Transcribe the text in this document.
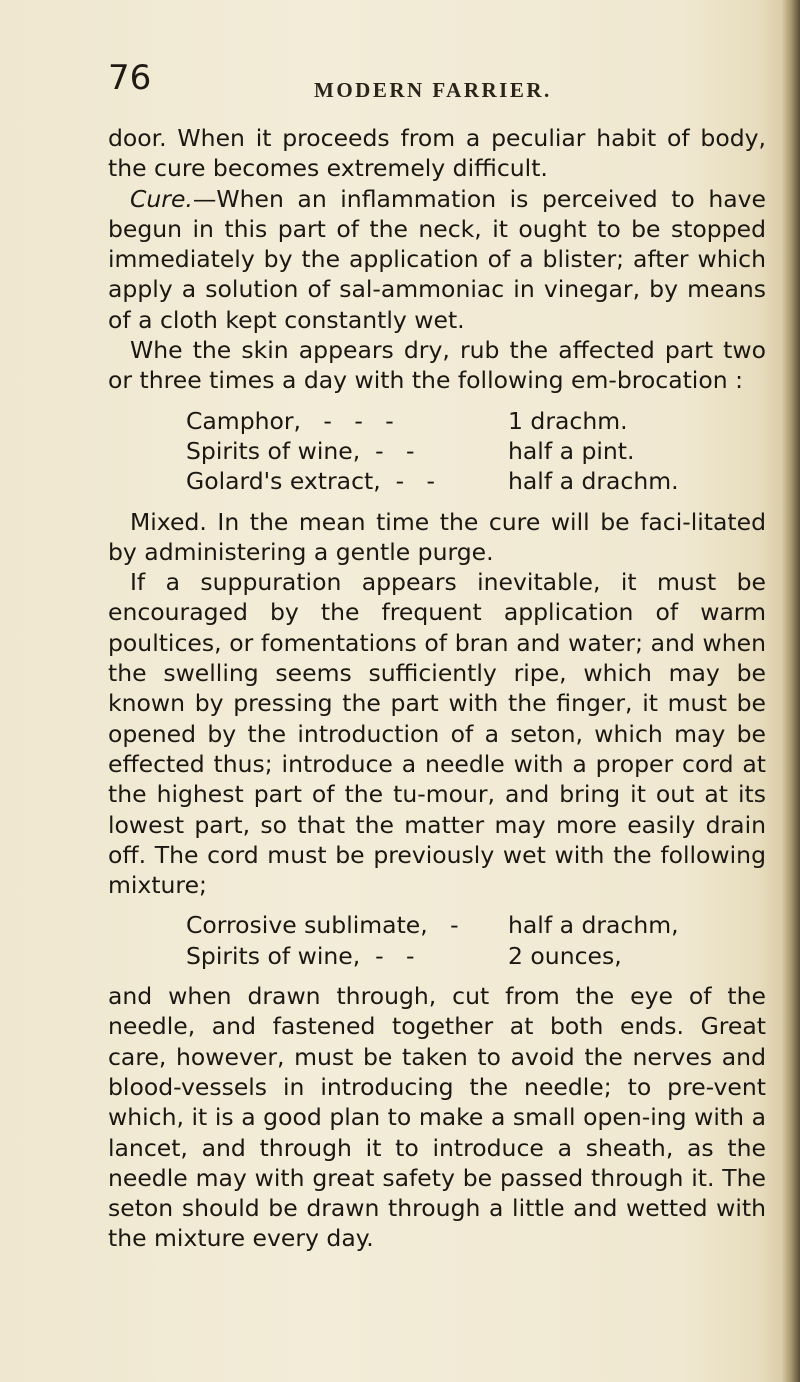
76	MODERN FARRIER.

door. When it proceeds from a peculiar habit of body, the cure becomes extremely difficult.

Cure.—When an inflammation is perceived to have begun in this part of the neck, it ought to be stopped immediately by the application of a blister; after which apply a solution of sal-ammoniac in vinegar, by means of a cloth kept constantly wet.

Whe the skin appears dry, rub the affected part two or three times a day with the following em-brocation :

Camphor,   -   -   -	1 drachm.
Spirits of wine,  -   -	half a pint.
Golard's extract,  -   -	half a drachm.

Mixed. In the mean time the cure will be faci-litated by administering a gentle purge.

If a suppuration appears inevitable, it must be encouraged by the frequent application of warm poultices, or fomentations of bran and water; and when the swelling seems sufficiently ripe, which may be known by pressing the part with the finger, it must be opened by the introduction of a seton, which may be effected thus; introduce a needle with a proper cord at the highest part of the tu-mour, and bring it out at its lowest part, so that the matter may more easily drain off. The cord must be previously wet with the following mixture;

Corrosive sublimate,   -	half a drachm,
Spirits of wine,  -   -	2 ounces,

and when drawn through, cut from the eye of the needle, and fastened together at both ends. Great care, however, must be taken to avoid the nerves and blood-vessels in introducing the needle; to pre-vent which, it is a good plan to make a small open-ing with a lancet, and through it to introduce a sheath, as the needle may with great safety be passed through it. The seton should be drawn through a little and wetted with the mixture every day.
